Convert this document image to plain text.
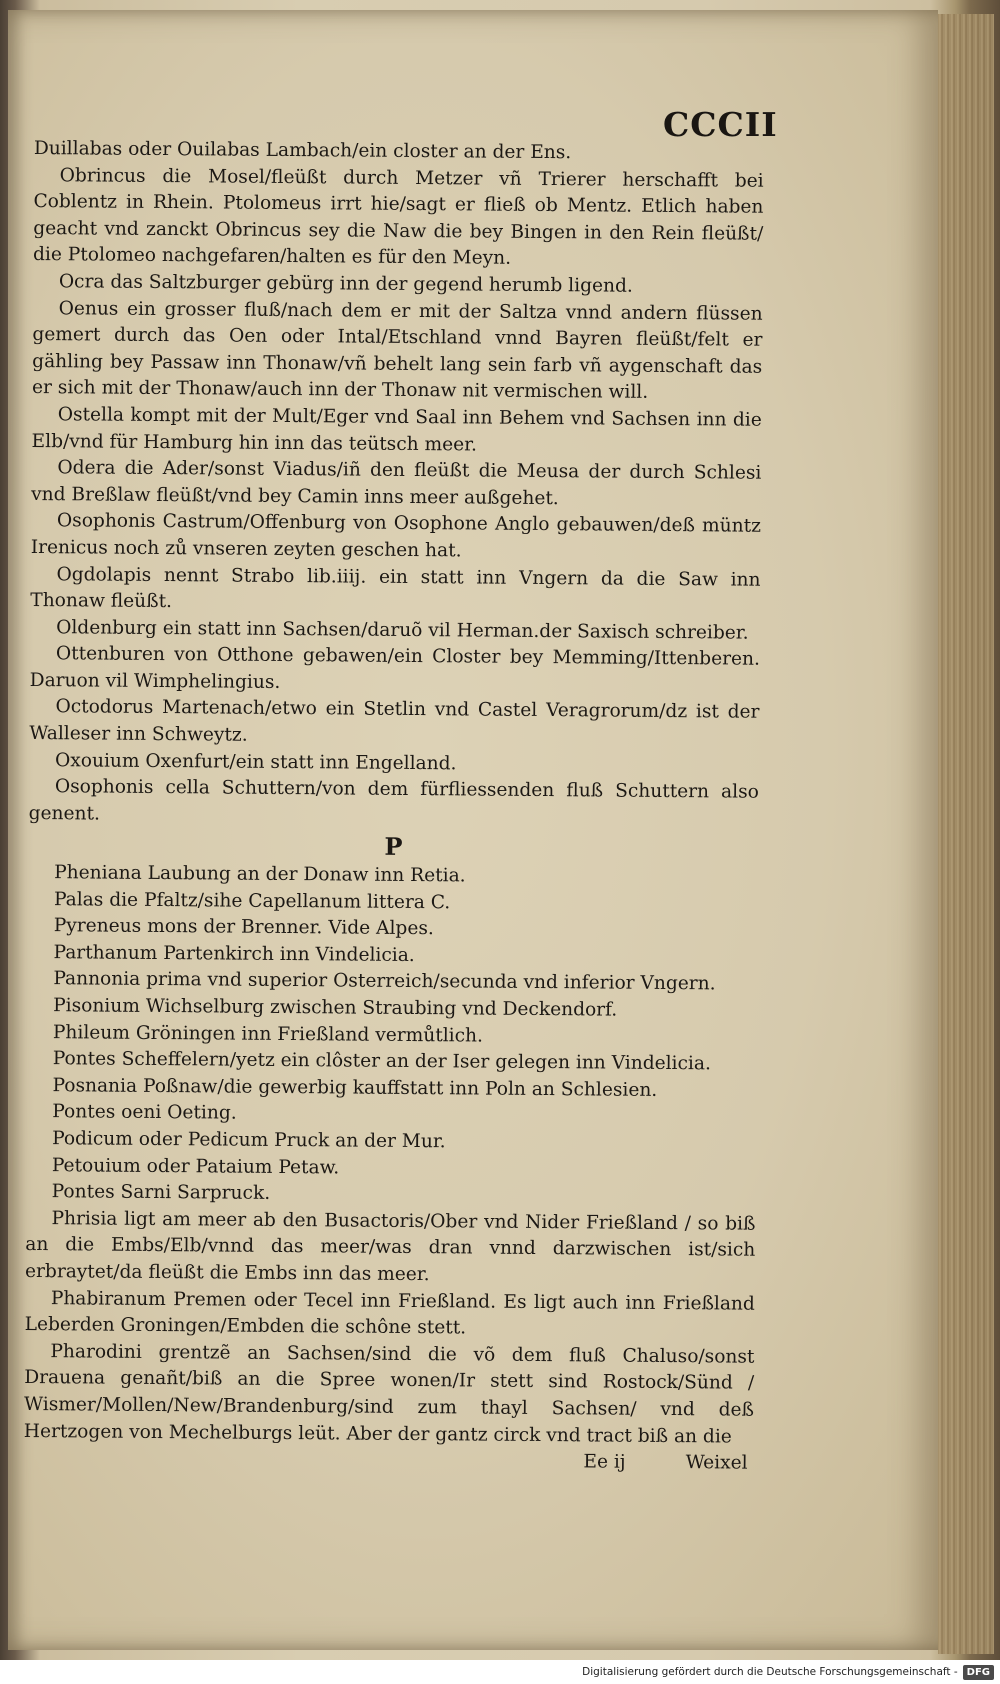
CCCII

Duillabas oder Ouilabas Lambach/ein closter an der Ens.

Obrincus die Mosel/fleüßt durch Metzer vñ Trierer herschafft bei Coblentz in Rhein. Ptolomeus irrt hie/sagt er fließ ob Mentz. Etlich haben geacht vnd zanckt Obrincus sey die Naw die bey Bingen in den Rein fleüßt/ die Ptolomeo nachgefaren/halten es für den Meyn.

Ocra das Saltzburger gebürg inn der gegend herumb ligend.

Oenus ein grosser fluß/nach dem er mit der Saltza vnnd andern flüssen gemert durch das Oen oder Intal/Etschland vnnd Bayren fleüßt/felt er gähling bey Passaw inn Thonaw/vñ behelt lang sein farb vñ aygenschaft das er sich mit der Thonaw/auch inn der Thonaw nit vermischen will.

Ostella kompt mit der Mult/Eger vnd Saal inn Behem vnd Sachsen inn die Elb/vnd für Hamburg hin inn das teütsch meer.

Odera die Ader/sonst Viadus/iñ den fleüßt die Meusa der durch Schlesi vnd Breßlaw fleüßt/vnd bey Camin inns meer außgehet.

Osophonis Castrum/Offenburg von Osophone Anglo gebauwen/deß müntz Irenicus noch zů vnseren zeyten geschen hat.

Ogdolapis nennt Strabo lib.iiij. ein statt inn Vngern da die Saw inn Thonaw fleüßt.

Oldenburg ein statt inn Sachsen/daruõ vil Herman.der Saxisch schreiber.

Ottenburen von Otthone gebawen/ein Closter bey Memming/Ittenberen. Daruon vil Wimphelingius.

Octodorus Martenach/etwo ein Stetlin vnd Castel Veragrorum/dz ist der Walleser inn Schweytz.

Oxouium Oxenfurt/ein statt inn Engelland.

Osophonis cella Schuttern/von dem fürfliessenden fluß Schuttern also genent.

P

Pheniana Laubung an der Donaw inn Retia.

Palas die Pfaltz/sihe Capellanum littera C.

Pyreneus mons der Brenner. Vide Alpes.

Parthanum Partenkirch inn Vindelicia.

Pannonia prima vnd superior Osterreich/secunda vnd inferior Vngern.

Pisonium Wichselburg zwischen Straubing vnd Deckendorf.

Phileum Gröningen inn Frießland vermůtlich.

Pontes Scheffelern/yetz ein clôster an der Iser gelegen inn Vindelicia.

Posnania Poßnaw/die gewerbig kauffstatt inn Poln an Schlesien.

Pontes oeni Oeting.

Podicum oder Pedicum Pruck an der Mur.

Petouium oder Pataium Petaw.

Pontes Sarni Sarpruck.

Phrisia ligt am meer ab den Busactoris/Ober vnd Nider Frießland / so biß an die Embs/Elb/vnnd das meer/was dran vnnd darzwischen ist/sich erbraytet/da fleüßt die Embs inn das meer.

Phabiranum Premen oder Tecel inn Frießland. Es ligt auch inn Frießland Leberden Groningen/Embden die schône stett.

Pharodini grentzẽ an Sachsen/sind die võ dem fluß Chaluso/sonst Drauena genañt/biß an die Spree wonen/Ir stett sind Rostock/Sünd / Wismer/Mollen/New/Brandenburg/sind zum thayl Sachsen/ vnd deß Hertzogen von Mechelburgs leüt. Aber der gantz circk vnd tract biß an die

Ee ij	Weixel
Digitalisierung gefördert durch die Deutsche Forschungsgemeinschaft - DFG
